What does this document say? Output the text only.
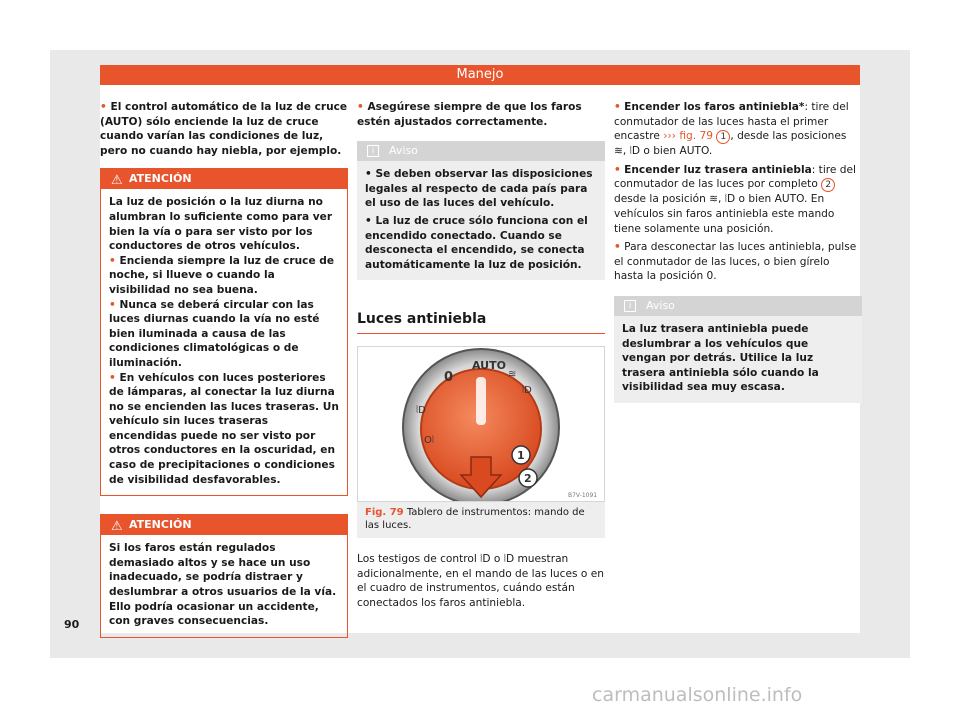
Manejo
• El control automático de la luz de cruce (AUTO) sólo enciende la luz de cruce cuando varían las condiciones de luz, pero no cuando hay niebla, por ejemplo.
⚠ ATENCIÓN

La luz de posición o la luz diurna no alumbran lo suficiente como para ver bien la vía o para ser visto por los conductores de otros vehículos.

• Encienda siempre la luz de cruce de noche, si llueve o cuando la visibilidad no sea buena.

• Nunca se deberá circular con las luces diurnas cuando la vía no esté bien iluminada a causa de las condiciones climatológicas o de iluminación.

• En vehículos con luces posteriores de lámparas, al conectar la luz diurna no se encienden las luces traseras. Un vehículo sin luces traseras encendidas puede no ser visto por otros conductores en la oscuridad, en caso de precipitaciones o condiciones de visibilidad desfavorables.

⚠ ATENCIÓN

Si los faros están regulados demasiado altos y se hace un uso inadecuado, se podría distraer y deslumbrar a otros usuarios de la vía. Ello podría ocasionar un accidente, con graves consecuencias.

• Asegúrese siempre de que los faros estén ajustados correctamente.
i	Aviso

• Se deben observar las disposiciones legales al respecto de cada país para el uso de las luces del vehículo.

• La luz de cruce sólo funciona con el encendido conectado. Cuando se desconecta el encendido, se conecta automáticamente la luz de posición.

Luces antiniebla
AUTO
0	≋
⦚D
⦚D
O⦚
1
2
B7V-1091
Fig. 79 Tablero de instrumentos: mando de las luces.

Los testigos de control ⦚D o ⦚D muestran adicionalmente, en el mando de las luces o en el cuadro de instrumentos, cuándo están conectados los faros antiniebla.

• Encender los faros antiniebla*: tire del conmutador de las luces hasta el primer encastre ››› fig. 79 1 , desde las posiciones ≋, ⦚D o bien AUTO.

• Encender luz trasera antiniebla: tire del conmutador de las luces por completo 2 desde la posición ≋, ⦚D o bien AUTO. En vehículos sin faros antiniebla este mando tiene solamente una posición.

• Para desconectar las luces antiniebla, pulse el conmutador de las luces, o bien gírelo hasta la posición 0.

i	Aviso

La luz trasera antiniebla puede deslumbrar a los vehículos que vengan por detrás. Utilice la luz trasera antiniebla sólo cuando la visibilidad sea muy escasa.

90
carmanualsonline.info
